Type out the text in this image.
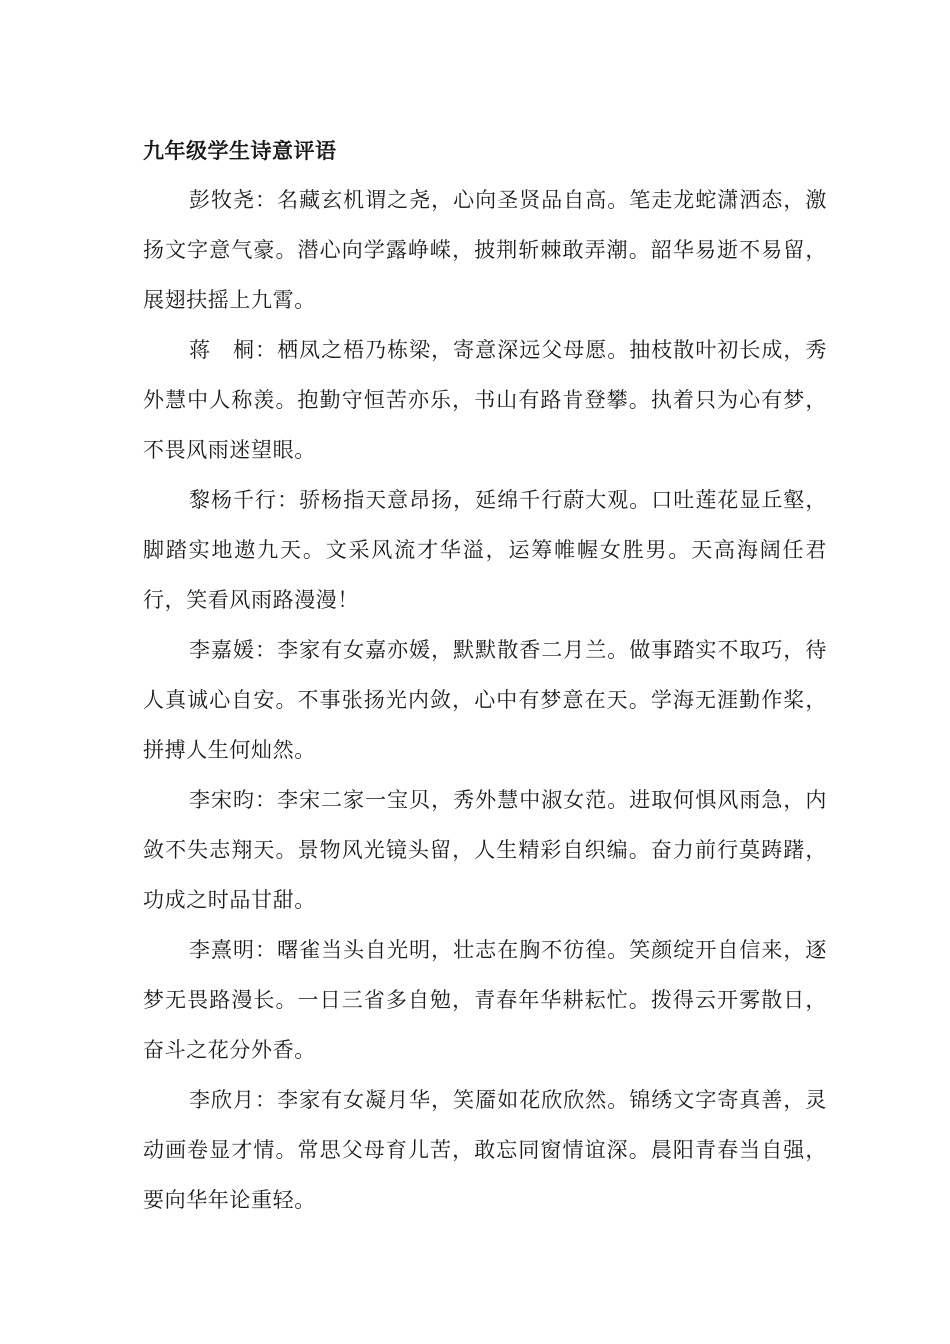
九年级学生诗意评语

彭牧尧：名藏玄机谓之尧，心向圣贤品自高。笔走龙蛇潇洒态，激扬文字意气豪。潜心向学露峥嵘，披荆斩棘敢弄潮。韶华易逝不易留，展翅扶摇上九霄。

蒋　桐：栖凤之梧乃栋梁，寄意深远父母愿。抽枝散叶初长成，秀外慧中人称羡。抱勤守恒苦亦乐，书山有路肯登攀。执着只为心有梦，不畏风雨迷望眼。

黎杨千行：骄杨指天意昂扬，延绵千行蔚大观。口吐莲花显丘壑，脚踏实地遨九天。文采风流才华溢，运筹帷幄女胜男。天高海阔任君行，笑看风雨路漫漫！

李嘉媛：李家有女嘉亦媛，默默散香二月兰。做事踏实不取巧，待人真诚心自安。不事张扬光内敛，心中有梦意在天。学海无涯勤作桨，拼搏人生何灿然。

李宋昀：李宋二家一宝贝，秀外慧中淑女范。进取何惧风雨急，内敛不失志翔天。景物风光镜头留，人生精彩自织编。奋力前行莫踌躇，功成之时品甘甜。

李熹明：曙雀当头自光明，壮志在胸不彷徨。笑颜绽开自信来，逐梦无畏路漫长。一日三省多自勉，青春年华耕耘忙。拨得云开雾散日，奋斗之花分外香。

李欣月：李家有女凝月华，笑靥如花欣欣然。锦绣文字寄真善，灵动画卷显才情。常思父母育儿苦，敢忘同窗情谊深。晨阳青春当自强，要向华年论重轻。
